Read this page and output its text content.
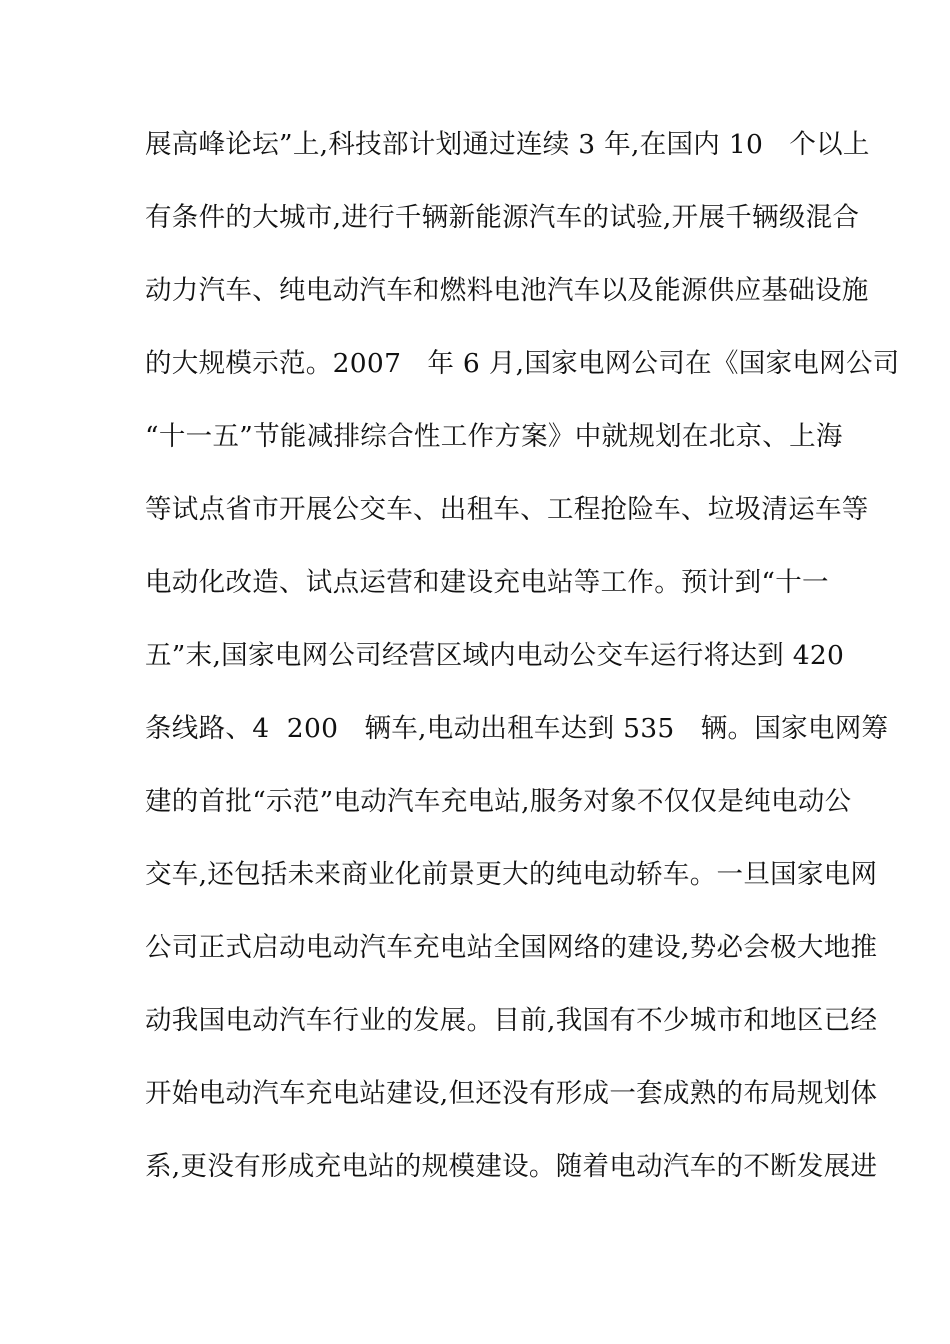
展高峰论坛”上,科技部计划通过连续 3 年,在国内 10   个以上
有条件的大城市,进行千辆新能源汽车的试验,开展千辆级混合
动力汽车、纯电动汽车和燃料电池汽车以及能源供应基础设施
的大规模示范。2007   年 6 月,国家电网公司在《国家电网公司
“十一五”节能减排综合性工作方案》中就规划在北京、上海
等试点省市开展公交车、出租车、工程抢险车、垃圾清运车等
电动化改造、试点运营和建设充电站等工作。预计到“十一
五”末,国家电网公司经营区域内电动公交车运行将达到 420
条线路、4  200   辆车,电动出租车达到 535   辆。国家电网筹
建的首批“示范”电动汽车充电站,服务对象不仅仅是纯电动公
交车,还包括未来商业化前景更大的纯电动轿车。一旦国家电网
公司正式启动电动汽车充电站全国网络的建设,势必会极大地推
动我国电动汽车行业的发展。目前,我国有不少城市和地区已经
开始电动汽车充电站建设,但还没有形成一套成熟的布局规划体
系,更没有形成充电站的规模建设。随着电动汽车的不断发展进
